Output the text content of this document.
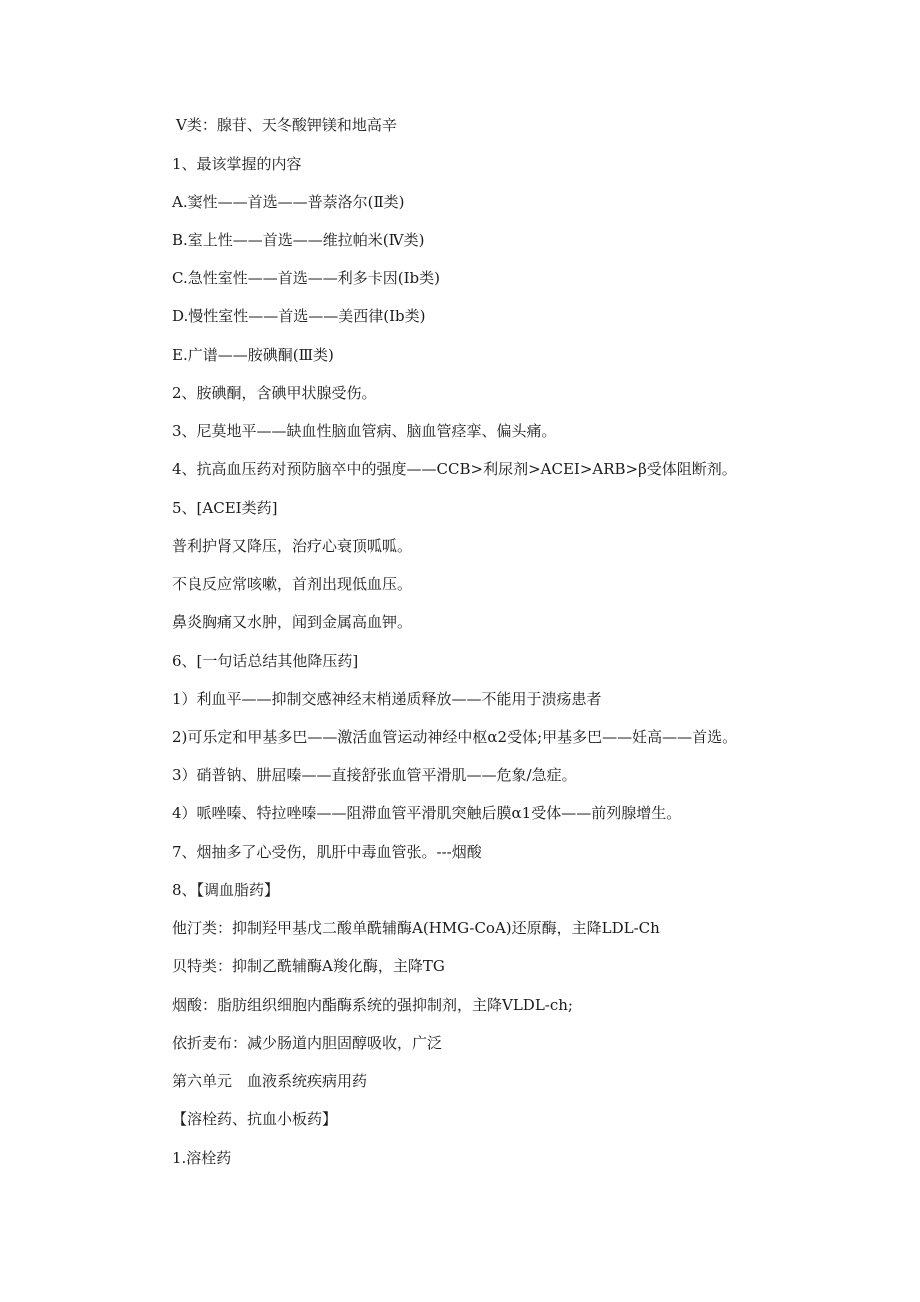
Ⅴ类：腺苷、天冬酸钾镁和地高辛
1、最该掌握的内容
A.窦性——首选——普萘洛尔(Ⅱ类)
B.室上性——首选——维拉帕米(Ⅳ类)
C.急性室性——首选——利多卡因(Ⅰb类)
D.慢性室性——首选——美西律(Ⅰb类)
E.广谱——胺碘酮(Ⅲ类)
2、胺碘酮，含碘甲状腺受伤。
3、尼莫地平——缺血性脑血管病、脑血管痉挛、偏头痛。
4、抗高血压药对预防脑卒中的强度——CCB>利尿剂>ACEI>ARB>β受体阻断剂。
5、[ACEI类药]
普利护肾又降压，治疗心衰顶呱呱。
不良反应常咳嗽，首剂出现低血压。
鼻炎胸痛又水肿，闻到金属高血钾。
6、[一句话总结其他降压药]
1）利血平——抑制交感神经末梢递质释放——不能用于溃疡患者
2)可乐定和甲基多巴——激活血管运动神经中枢α2受体;甲基多巴——妊高——首选。
3）硝普钠、肼屈嗪——直接舒张血管平滑肌——危象/急症。
4）哌唑嗪、特拉唑嗪——阻滞血管平滑肌突触后膜α1受体——前列腺增生。
7、烟抽多了心受伤，肌肝中毒血管张。---烟酸
8、【调血脂药】
他汀类：抑制羟甲基戊二酸单酰辅酶A(HMG-CoA)还原酶，主降LDL-Ch
贝特类：抑制乙酰辅酶A羧化酶，主降TG
烟酸：脂肪组织细胞内酯酶系统的强抑制剂，主降VLDL-ch;
依折麦布：减少肠道内胆固醇吸收，广泛
第六单元　血液系统疾病用药
【溶栓药、抗血小板药】
1.溶栓药
